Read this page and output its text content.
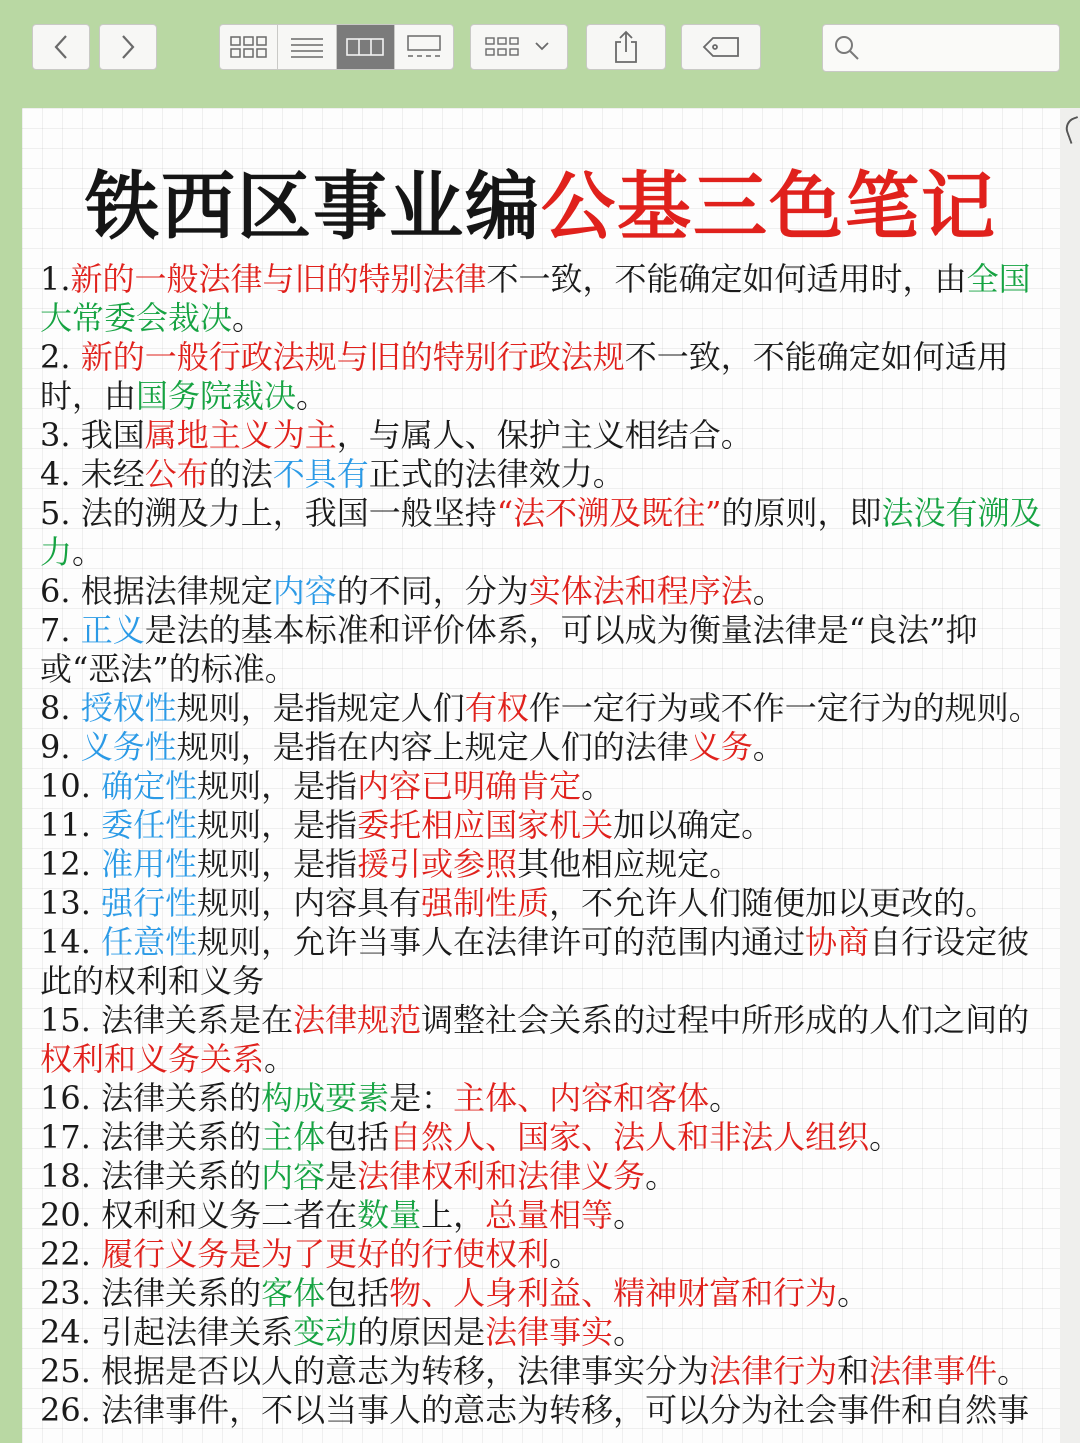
铁西区事业编公基三色笔记

1.新的一般法律与旧的特别法律不一致，不能确定如何适用时，由全国大常委会裁决。

2. 新的一般行政法规与旧的特别行政法规不一致，不能确定如何适用时，由国务院裁决。

3. 我国属地主义为主，与属人、保护主义相结合。

4. 未经公布的法不具有正式的法律效力。

5. 法的溯及力上，我国一般坚持“法不溯及既往”的原则，即法没有溯及力。

6. 根据法律规定内容的不同，分为实体法和程序法。

7. 正义是法的基本标准和评价体系，可以成为衡量法律是“良法”抑或“恶法”的标准。

8. 授权性规则，是指规定人们有权作一定行为或不作一定行为的规则。

9. 义务性规则，是指在内容上规定人们的法律义务。

10. 确定性规则，是指内容已明确肯定。

11. 委任性规则，是指委托相应国家机关加以确定。

12. 准用性规则，是指援引或参照其他相应规定。

13. 强行性规则，内容具有强制性质，不允许人们随便加以更改的。

14. 任意性规则，允许当事人在法律许可的范围内通过协商自行设定彼此的权利和义务

15. 法律关系是在法律规范调整社会关系的过程中所形成的人们之间的权利和义务关系。

16. 法律关系的构成要素是：主体、内容和客体。

17. 法律关系的主体包括自然人、国家、法人和非法人组织。

18. 法律关系的内容是法律权利和法律义务。

20. 权利和义务二者在数量上，总量相等。

22. 履行义务是为了更好的行使权利。

23. 法律关系的客体包括物、人身利益、精神财富和行为。

24. 引起法律关系变动的原因是法律事实。

25. 根据是否以人的意志为转移，法律事实分为法律行为和法律事件。

26. 法律事件，不以当事人的意志为转移，可以分为社会事件和自然事
